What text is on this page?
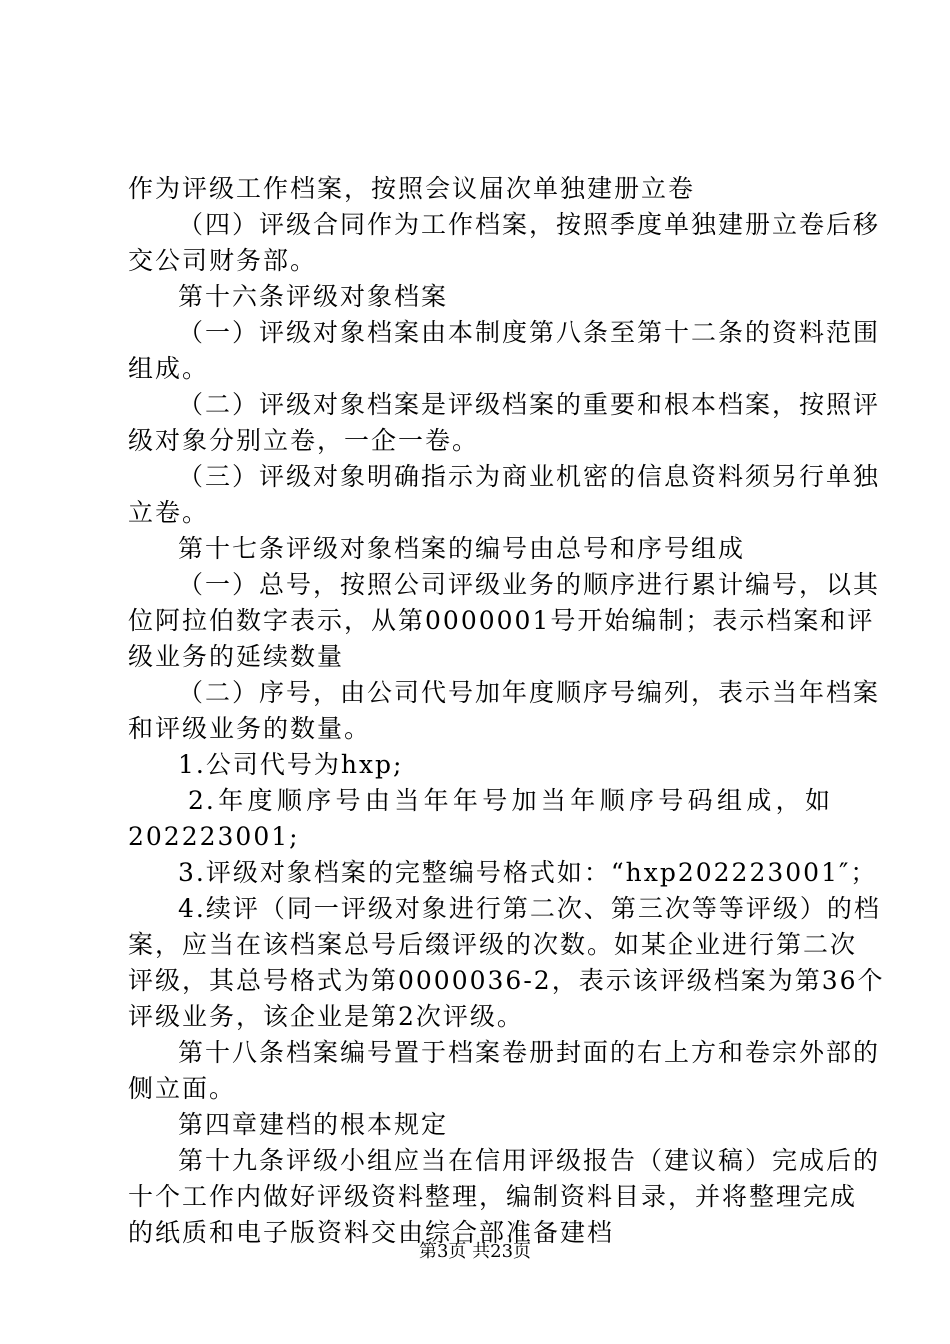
作为评级工作档案，按照会议届次单独建册立卷
（四）评级合同作为工作档案，按照季度单独建册立卷后移
交公司财务部。
第十六条评级对象档案
（一）评级对象档案由本制度第八条至第十二条的资料范围
组成。
（二）评级对象档案是评级档案的重要和根本档案，按照评
级对象分别立卷，一企一卷。
（三）评级对象明确指示为商业机密的信息资料须另行单独
立卷。
第十七条评级对象档案的编号由总号和序号组成
（一）总号，按照公司评级业务的顺序进行累计编号，以其
位阿拉伯数字表示，从第0000001号开始编制；表示档案和评
级业务的延续数量
（二）序号，由公司代号加年度顺序号编列，表示当年档案
和评级业务的数量。
1.公司代号为hxp;
2.年度顺序号由当年年号加当年顺序号码组成，如
202223001;
3.评级对象档案的完整编号格式如：“hxp202223001″；
4.续评（同一评级对象进行第二次、第三次等等评级）的档
案，应当在该档案总号后缀评级的次数。如某企业进行第二次
评级，其总号格式为第0000036-2，表示该评级档案为第36个
评级业务，该企业是第2次评级。
第十八条档案编号置于档案卷册封面的右上方和卷宗外部的
侧立面。
第四章建档的根本规定
第十九条评级小组应当在信用评级报告（建议稿）完成后的
十个工作内做好评级资料整理，编制资料目录，并将整理完成
的纸质和电子版资料交由综合部准备建档
第3页 共23页
